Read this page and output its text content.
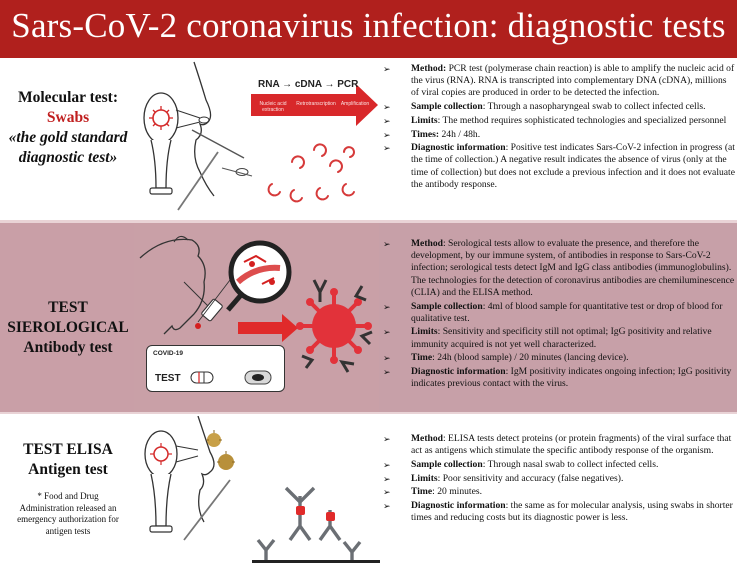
Sars-CoV-2 coronavirus infection: diagnostic tests
Molecular test:
Swabs
«the gold standard diagnostic test»
RNA → cDNA → PCR
Nucleic acid extraction
Retrotranscription	Amplification
➢ Method: PCR test (polymerase chain reaction) is able to amplify the nucleic acid of the virus (RNA). RNA is transcripted into complementary DNA (cDNA), millions of viral copies are produced in order to be detected the infection.
➢ Sample collection: Through a nasopharyngeal swab to collect infected cells.
➢ Limits: The method requires sophisticated technologies and specialized personnel
➢ Times: 24h / 48h.
➢ Diagnostic information: Positive test indicates Sars-CoV-2 infection in progress (at the time of collection.) A negative result indicates the absence of virus (only at the time of collection) but does not exclude a previous infection and it does not evaluate the antibody response.
TEST
SIEROLOGICAL
Antibody test	COVID-19
TEST
➢ Method: Serological tests allow to evaluate the presence, and therefore the development, by our immune system, of antibodies in response to Sars-CoV-2 infection; serological tests detect IgM and IgG class antibodies (immunoglobulins). The technologies for the detection of coronavirus antibodies are chemiluminescence (CLIA) and the ELISA method.
➢ Sample collection: 4ml of blood sample for quantitative test or drop of blood for qualitative test.
➢ Limits: Sensitivity and specificity still not optimal; IgG positivity and relative immunity acquired is not yet well characterized.
➢ Time: 24h (blood sample) / 20 minutes (lancing device).
➢ Diagnostic information: IgM positivity indicates ongoing infection; IgG positivity indicates previous contact with the virus.
TEST ELISA
Antigen test
* Food and Drug Administration released an emergency authorization for antigen tests
➢ Method: ELISA tests detect proteins (or protein fragments) of the viral surface that act as antigens which stimulate the specific antibody response of the organism.
➢ Sample collection: Through nasal swab to collect infected cells.
➢ Limits: Poor sensitivity and accuracy (false negatives).
➢ Time: 20 minutes.
➢ Diagnostic information: the same as for molecular analysis, using swabs in shorter times and reducing costs but its diagnostic power is less.
